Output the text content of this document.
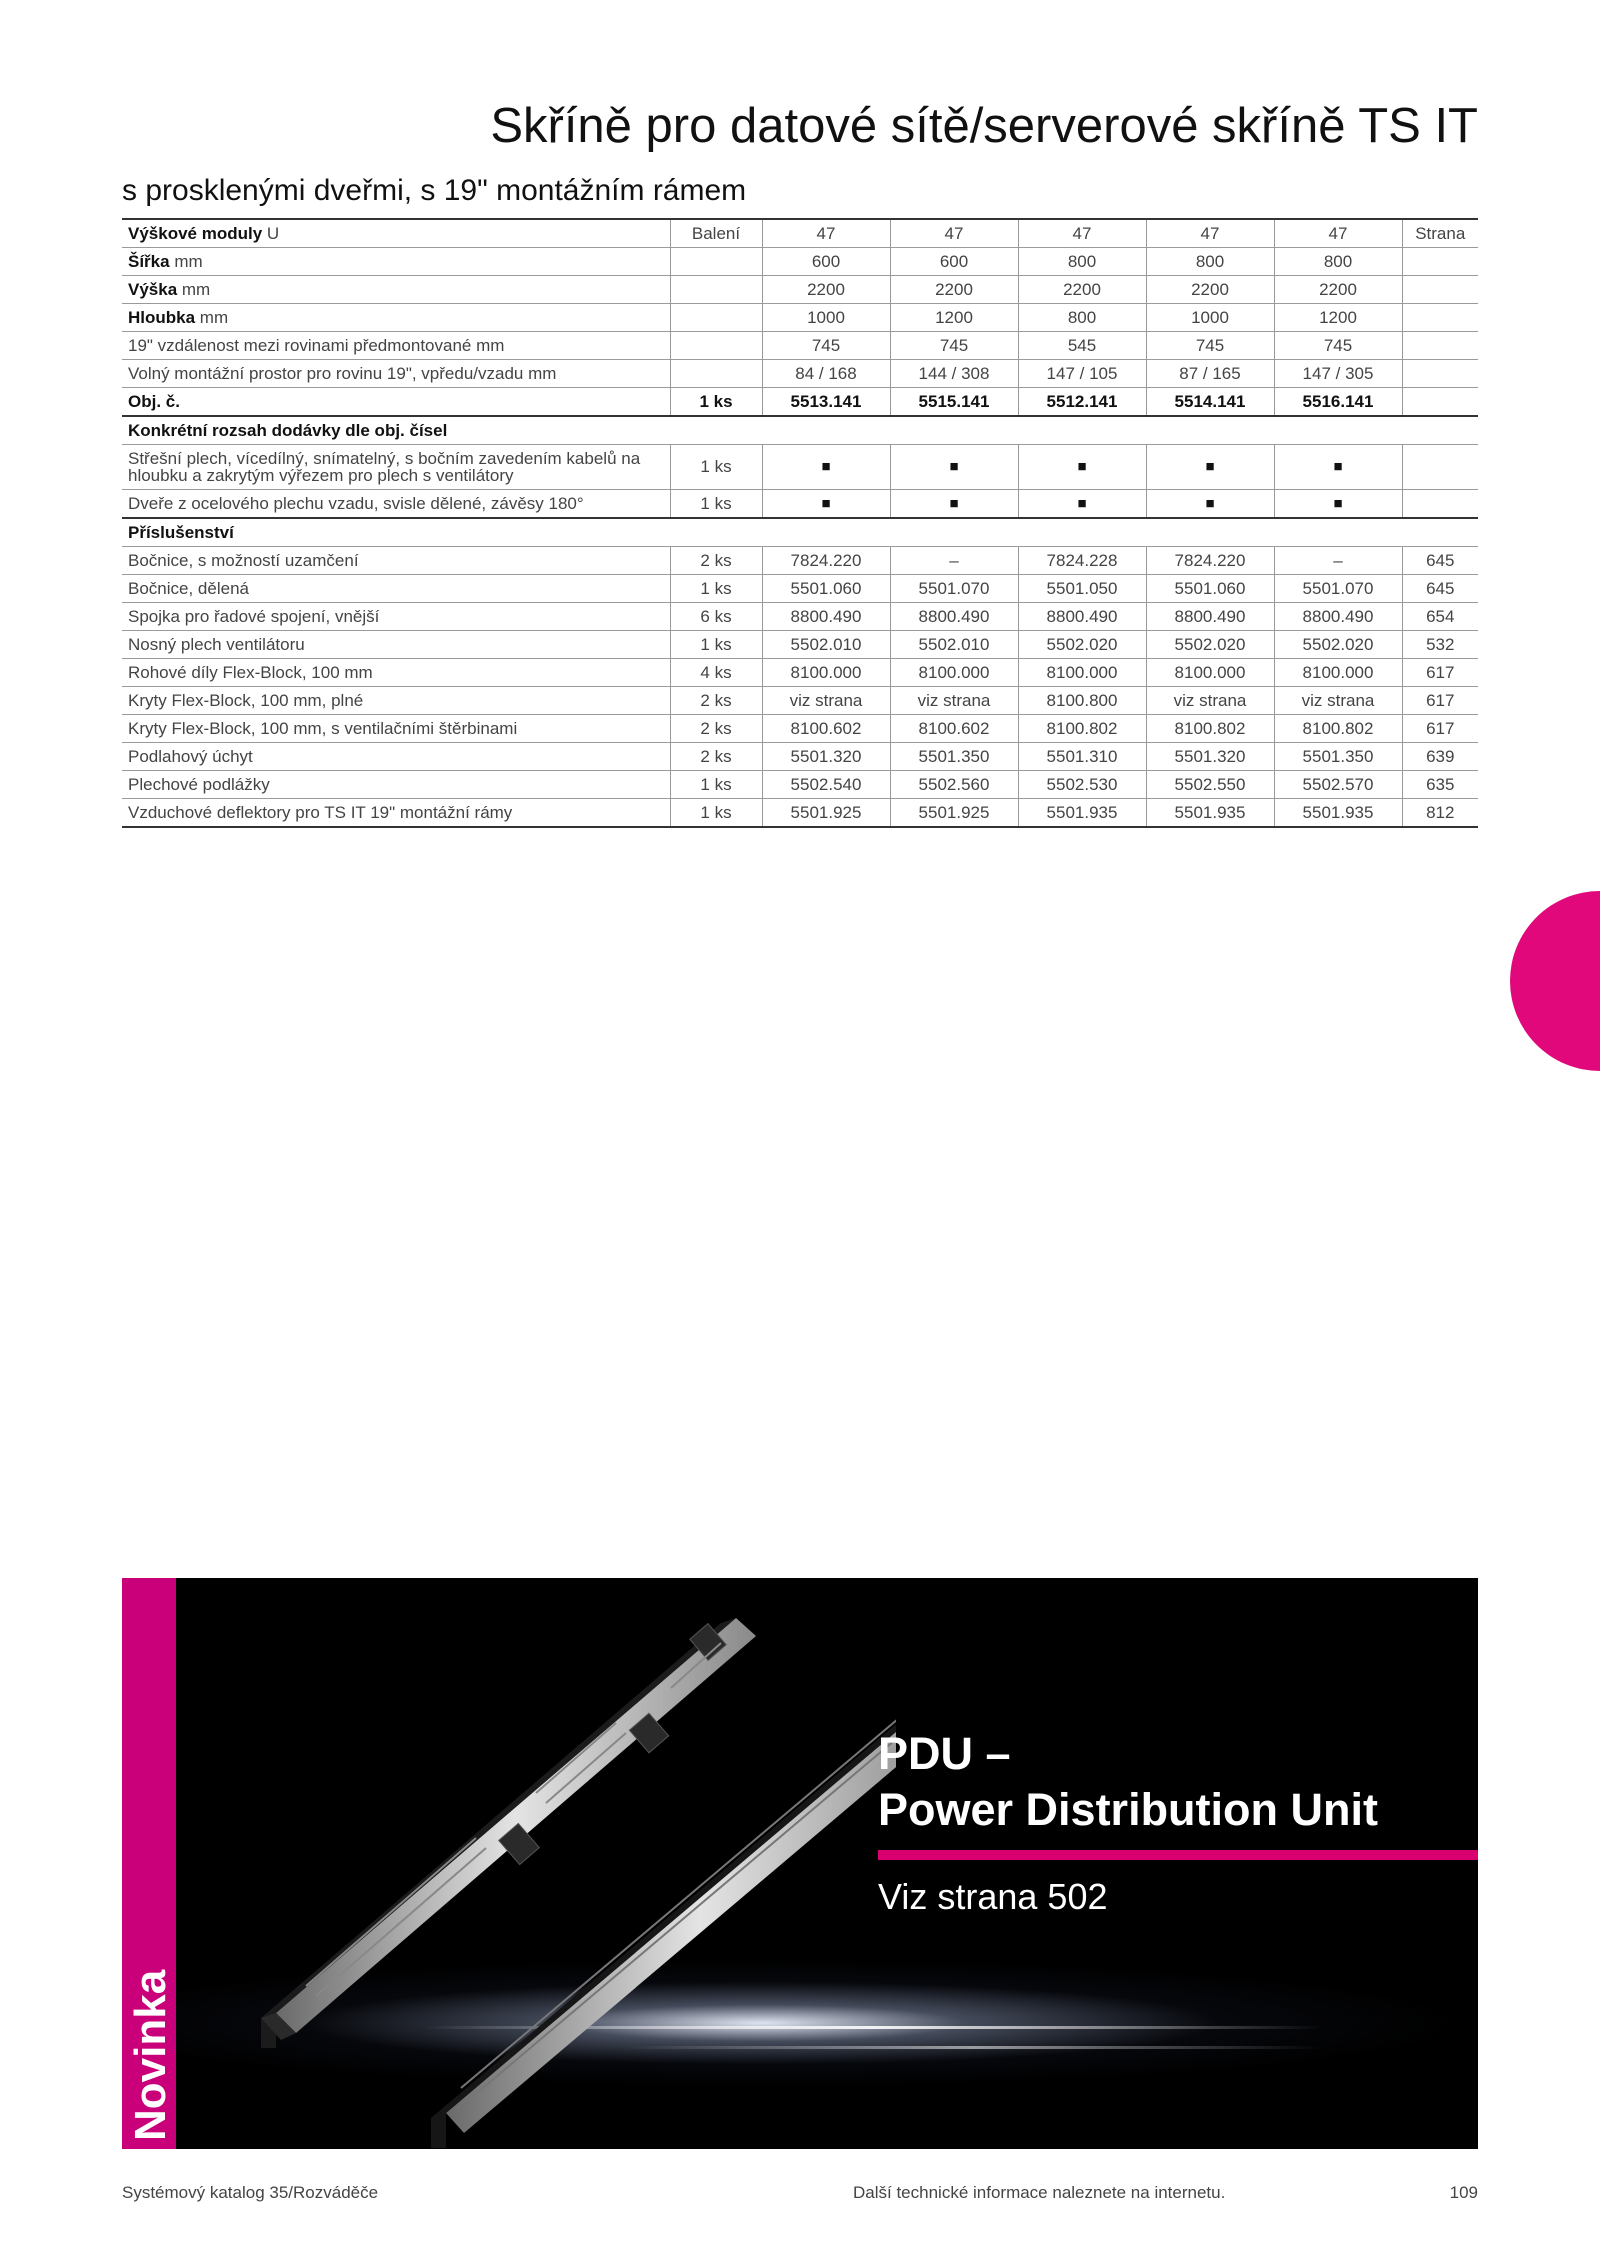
Skříně pro datové sítě/serverové skříně TS IT
s prosklenými dveřmi, s 19" montážním rámem
Výškové moduly U	Balení	47	47	47	47	47	Strana
Šířka mm		600	600	800	800	800	
Výška mm		2200	2200	2200	2200	2200	
Hloubka mm		1000	1200	800	1000	1200	
19" vzdálenost mezi rovinami předmontované mm		745	745	545	745	745	
Volný montážní prostor pro rovinu 19", vpředu/vzadu mm		84 / 168	144 / 308	147 / 105	87 / 165	147 / 305	
Obj. č.	1 ks	5513.141	5515.141	5512.141	5514.141	5516.141	
Konkrétní rozsah dodávky dle obj. čísel							
Střešní plech, vícedílný, snímatelný, s bočním zavedením kabelů na hloubku a zakrytým výřezem pro plech s ventilátory	1 ks	■	■	■	■	■	
Dveře z ocelového plechu vzadu, svisle dělené, závěsy 180°	1 ks	■	■	■	■	■	
Příslušenství							
Bočnice, s možností uzamčení	2 ks	7824.220	–	7824.228	7824.220	–	645
Bočnice, dělená	1 ks	5501.060	5501.070	5501.050	5501.060	5501.070	645
Spojka pro řadové spojení, vnější	6 ks	8800.490	8800.490	8800.490	8800.490	8800.490	654
Nosný plech ventilátoru	1 ks	5502.010	5502.010	5502.020	5502.020	5502.020	532
Rohové díly Flex-Block, 100 mm	4 ks	8100.000	8100.000	8100.000	8100.000	8100.000	617
Kryty Flex-Block, 100 mm, plné	2 ks	viz strana	viz strana	8100.800	viz strana	viz strana	617
Kryty Flex-Block, 100 mm, s ventilačními štěrbinami	2 ks	8100.602	8100.602	8100.802	8100.802	8100.802	617
Podlahový úchyt	2 ks	5501.320	5501.350	5501.310	5501.320	5501.350	639
Plechové podlážky	1 ks	5502.540	5502.560	5502.530	5502.550	5502.570	635
Vzduchové deflektory pro TS IT 19" montážní rámy	1 ks	5501.925	5501.925	5501.935	5501.935	5501.935	812
Novinka
PDU –
Power Distribution Unit
Viz strana 502
Systémový katalog 35/Rozváděče	Další technické informace naleznete na internetu.	109
